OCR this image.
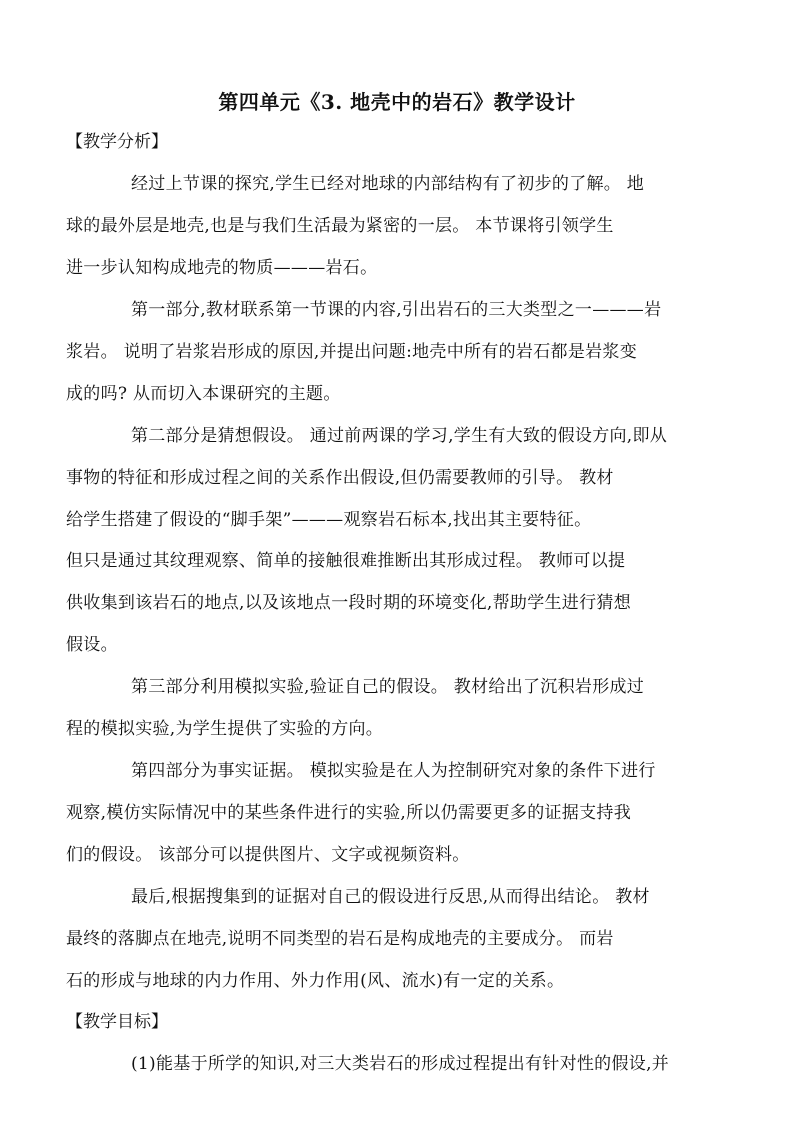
第四单元《3. 地壳中的岩石》教学设计
【教学分析】
经过上节课的探究,学生已经对地球的内部结构有了初步的了解。 地
球的最外层是地壳,也是与我们生活最为紧密的一层。 本节课将引领学生
进一步认知构成地壳的物质———岩石。
第一部分,教材联系第一节课的内容,引出岩石的三大类型之一———岩
浆岩。 说明了岩浆岩形成的原因,并提出问题:地壳中所有的岩石都是岩浆变
成的吗? 从而切入本课研究的主题。
第二部分是猜想假设。 通过前两课的学习,学生有大致的假设方向,即从
事物的特征和形成过程之间的关系作出假设,但仍需要教师的引导。 教材
给学生搭建了假设的“脚手架”———观察岩石标本,找出其主要特征。
但只是通过其纹理观察、简单的接触很难推断出其形成过程。 教师可以提
供收集到该岩石的地点,以及该地点一段时期的环境变化,帮助学生进行猜想
假设。
第三部分利用模拟实验,验证自己的假设。 教材给出了沉积岩形成过
程的模拟实验,为学生提供了实验的方向。
第四部分为事实证据。 模拟实验是在人为控制研究对象的条件下进行
观察,模仿实际情况中的某些条件进行的实验,所以仍需要更多的证据支持我
们的假设。 该部分可以提供图片、文字或视频资料。
最后,根据搜集到的证据对自己的假设进行反思,从而得出结论。 教材
最终的落脚点在地壳,说明不同类型的岩石是构成地壳的主要成分。 而岩
石的形成与地球的内力作用、外力作用(风、流水)有一定的关系。
【教学目标】
(1)能基于所学的知识,对三大类岩石的形成过程提出有针对性的假设,并
